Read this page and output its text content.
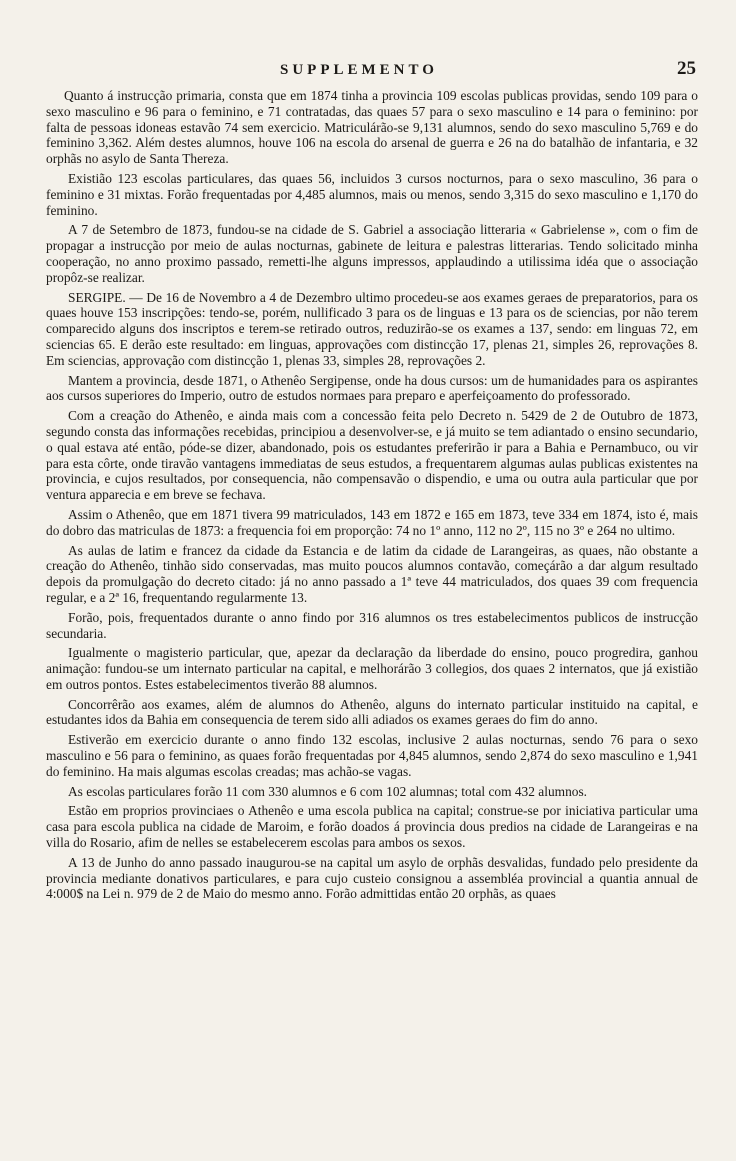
SUPPLEMENTO	25

Quanto á instrucção primaria, consta que em 1874 tinha a provincia 109 escolas publicas providas, sendo 109 para o sexo masculino e 96 para o feminino, e 71 contratadas, das quaes 57 para o sexo masculino e 14 para o feminino: por falta de pessoas idoneas estavão 74 sem exercicio. Matriculárão-se 9,131 alumnos, sendo do sexo masculino 5,769 e do feminino 3,362. Além destes alumnos, houve 106 na escola do arsenal de guerra e 26 na do batalhão de infantaria, e 32 orphãs no asylo de Santa Thereza.

Existião 123 escolas particulares, das quaes 56, incluidos 3 cursos nocturnos, para o sexo masculino, 36 para o feminino e 31 mixtas. Forão frequentadas por 4,485 alumnos, mais ou menos, sendo 3,315 do sexo masculino e 1,170 do feminino.

A 7 de Setembro de 1873, fundou-se na cidade de S. Gabriel a associação litteraria « Gabrielense », com o fim de propagar a instrucção por meio de aulas nocturnas, gabinete de leitura e palestras litterarias. Tendo solicitado minha cooperação, no anno proximo passado, remetti-lhe alguns impressos, applaudindo a utilissima idéa que o associação propôz-se realizar.

SERGIPE. — De 16 de Novembro a 4 de Dezembro ultimo procedeu-se aos exames geraes de preparatorios, para os quaes houve 153 inscripções: tendo-se, porém, nullificado 3 para os de linguas e 13 para os de sciencias, por não terem comparecido alguns dos inscriptos e terem-se retirado outros, reduzirão-se os exames a 137, sendo: em linguas 72, em sciencias 65. E derão este resultado: em linguas, approvações com distincção 17, plenas 21, simples 26, reprovações 8. Em sciencias, approvação com distincção 1, plenas 33, simples 28, reprovações 2.

Mantem a provincia, desde 1871, o Athenêo Sergipense, onde ha dous cursos: um de humanidades para os aspirantes aos cursos superiores do Imperio, outro de estudos normaes para preparo e aperfeiçoamento do professorado.

Com a creação do Athenêo, e ainda mais com a concessão feita pelo Decreto n. 5429 de 2 de Outubro de 1873, segundo consta das informações recebidas, principiou a desenvolver-se, e já muito se tem adiantado o ensino secundario, o qual estava até então, póde-se dizer, abandonado, pois os estudantes preferirão ir para a Bahia e Pernambuco, ou vir para esta côrte, onde tiravão vantagens immediatas de seus estudos, a frequentarem algumas aulas publicas existentes na provincia, e cujos resultados, por consequencia, não compensavão o dispendio, e uma ou outra aula particular que por ventura apparecia e em breve se fechava.

Assim o Athenêo, que em 1871 tivera 99 matriculados, 143 em 1872 e 165 em 1873, teve 334 em 1874, isto é, mais do dobro das matriculas de 1873: a frequencia foi em proporção: 74 no 1º anno, 112 no 2º, 115 no 3º e 264 no ultimo.

As aulas de latim e francez da cidade da Estancia e de latim da cidade de Larangeiras, as quaes, não obstante a creação do Athenêo, tinhão sido conservadas, mas muito poucos alumnos contavão, começárão a dar algum resultado depois da promulgação do decreto citado: já no anno passado a 1ª teve 44 matriculados, dos quaes 39 com frequencia regular, e a 2ª 16, frequentando regularmente 13.

Forão, pois, frequentados durante o anno findo por 316 alumnos os tres estabelecimentos publicos de instrucção secundaria.

Igualmente o magisterio particular, que, apezar da declaração da liberdade do ensino, pouco progredira, ganhou animação: fundou-se um internato particular na capital, e melhorárão 3 collegios, dos quaes 2 internatos, que já existião em outros pontos. Estes estabelecimentos tiverão 88 alumnos.

Concorrêrão aos exames, além de alumnos do Athenêo, alguns do internato particular instituido na capital, e estudantes idos da Bahia em consequencia de terem sido alli adiados os exames geraes do fim do anno.

Estiverão em exercicio durante o anno findo 132 escolas, inclusive 2 aulas nocturnas, sendo 76 para o sexo masculino e 56 para o feminino, as quaes forão frequentadas por 4,845 alumnos, sendo 2,874 do sexo masculino e 1,941 do feminino. Ha mais algumas escolas creadas; mas achão-se vagas.

As escolas particulares forão 11 com 330 alumnos e 6 com 102 alumnas; total com 432 alumnos.

Estão em proprios provinciaes o Athenêo e uma escola publica na capital; construe-se por iniciativa particular uma casa para escola publica na cidade de Maroim, e forão doados á provincia dous predios na cidade de Larangeiras e na villa do Rosario, afim de nelles se estabelecerem escolas para ambos os sexos.

A 13 de Junho do anno passado inaugurou-se na capital um asylo de orphãs desvalidas, fundado pelo presidente da provincia mediante donativos particulares, e para cujo custeio consignou a assembléa provincial a quantia annual de 4:000$ na Lei n. 979 de 2 de Maio do mesmo anno. Forão admittidas então 20 orphãs, as quaes
